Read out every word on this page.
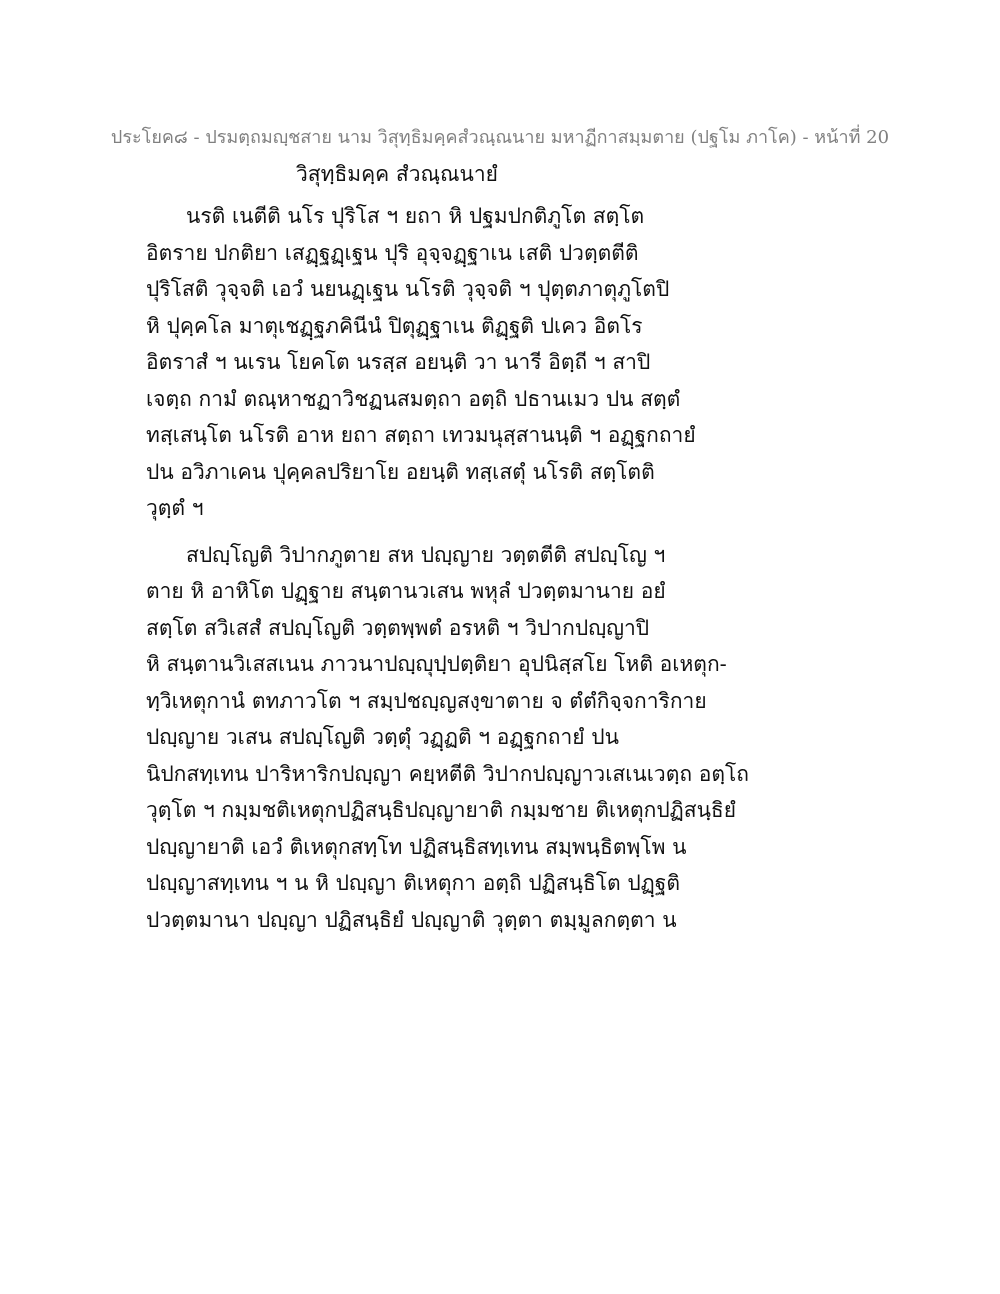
ประโยค๘ - ปรมตฺถมญฺชสาย นาม วิสุทฺธิมคฺคสํวณฺณนาย มหาฏีกาสมฺมตาย (ปฐโม ภาโค) - หน้าที่ 20
วิสุทฺธิมคฺค สํวณฺณนายํ
นรติ เนตีติ นโร ปุริโส ฯ ยถา หิ ปฐมปกติภูโต สตฺโต
อิตราย ปกติยา เสฏฺฐฏฺเฐน ปุริ อุจฺจฏฺฐาเน เสติ ปวตฺตตีติ
ปุริโสติ วุจฺจติ เอวํ นยนฏฺเฐน นโรติ วุจฺจติ ฯ ปุตฺตภาตุภูโตปิ
หิ ปุคฺคโล มาตุเชฏฺฐภคินีนํ ปิตุฏฺฐาเน ติฏฺฐติ ปเคว อิตโร
อิตราสํ ฯ นเรน โยคโต นรสฺส อยนฺติ วา นารี อิตฺถี ฯ สาปิ
เจตฺถ กามํ ตณฺหาชฏาวิชฏนสมตฺถา อตฺถิ ปธานเมว ปน สตฺตํ
ทสฺเสนฺโต นโรติ อาห ยถา สตฺถา เทวมนุสฺสานนฺติ ฯ อฏฺฐกถายํ
ปน อวิภาเคน ปุคฺคลปริยาโย อยนฺติ ทสฺเสตุํ นโรติ สตฺโตติ
วุตฺตํ ฯ
สปญฺโญติ วิปากภูตาย สห ปญฺญาย วตฺตตีติ สปญฺโญ ฯ
ตาย หิ อาหิโต ปฏฺฐาย สนฺตานวเสน พหุลํ ปวตฺตมานาย อยํ
สตฺโต สวิเสสํ สปญฺโญติ วตฺตพฺพตํ อรหติ ฯ วิปากปญฺญาปิ
หิ สนฺตานวิเสสเนน ภาวนาปญฺญุปฺปตฺติยา อุปนิสฺสโย โหติ อเหตุก-
ทฺวิเหตุกานํ ตทภาวโต ฯ สมฺปชญฺญสงฺขาตาย จ ตํตํกิจฺจการิกาย
ปญฺญาย วเสน สปญฺโญติ วตฺตุํ วฏฺฏติ ฯ อฏฺฐกถายํ ปน
นิปกสทฺเทน ปาริหาริกปญฺญา คยฺหตีติ วิปากปญฺญาวเสเนเวตฺถ อตฺโถ
วุตฺโต ฯ กมฺมชติเหตุกปฏิสนฺธิปญฺญายาติ กมฺมชาย ติเหตุกปฏิสนฺธิยํ
ปญฺญายาติ เอวํ ติเหตุกสทฺโท ปฏิสนฺธิสทฺเทน สมฺพนฺธิตพฺโพ น
ปญฺญาสทฺเทน ฯ น หิ ปญฺญา ติเหตุกา อตฺถิ ปฏิสนฺธิโต ปฏฺฐติ
ปวตฺตมานา ปญฺญา ปฏิสนฺธิยํ ปญฺญาติ วุตฺตา ตมฺมูลกตฺตา น
